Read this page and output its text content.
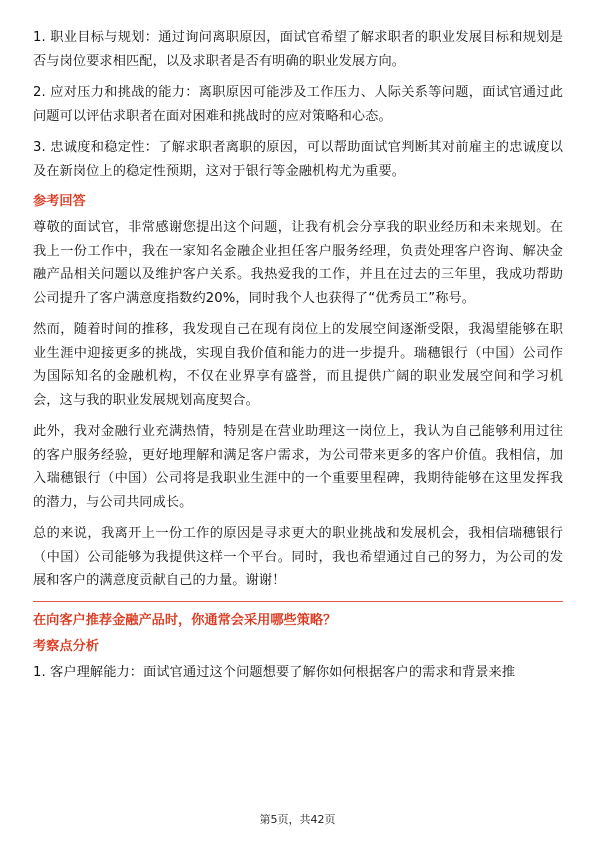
1. 职业目标与规划：通过询问离职原因，面试官希望了解求职者的职业发展目标和规划是否与岗位要求相匹配，以及求职者是否有明确的职业发展方向。

2. 应对压力和挑战的能力：离职原因可能涉及工作压力、人际关系等问题，面试官通过此问题可以评估求职者在面对困难和挑战时的应对策略和心态。

3. 忠诚度和稳定性：了解求职者离职的原因，可以帮助面试官判断其对前雇主的忠诚度以及在新岗位上的稳定性预期，这对于银行等金融机构尤为重要。

参考回答

尊敬的面试官，非常感谢您提出这个问题，让我有机会分享我的职业经历和未来规划。在我上一份工作中，我在一家知名金融企业担任客户服务经理，负责处理客户咨询、解决金融产品相关问题以及维护客户关系。我热爱我的工作，并且在过去的三年里，我成功帮助公司提升了客户满意度指数约20%，同时我个人也获得了“优秀员工”称号。

然而，随着时间的推移，我发现自己在现有岗位上的发展空间逐渐受限，我渴望能够在职业生涯中迎接更多的挑战，实现自我价值和能力的进一步提升。瑞穗银行（中国）公司作为国际知名的金融机构，不仅在业界享有盛誉，而且提供广阔的职业发展空间和学习机会，这与我的职业发展规划高度契合。

此外，我对金融行业充满热情，特别是在营业助理这一岗位上，我认为自己能够利用过往的客户服务经验，更好地理解和满足客户需求，为公司带来更多的客户价值。我相信，加入瑞穗银行（中国）公司将是我职业生涯中的一个重要里程碑，我期待能够在这里发挥我的潜力，与公司共同成长。

总的来说，我离开上一份工作的原因是寻求更大的职业挑战和发展机会，我相信瑞穗银行（中国）公司能够为我提供这样一个平台。同时，我也希望通过自己的努力，为公司的发展和客户的满意度贡献自己的力量。谢谢！

在向客户推荐金融产品时，你通常会采用哪些策略？
考察点分析

1. 客户理解能力：面试官通过这个问题想要了解你如何根据客户的需求和背景来推

第5页，共42页
